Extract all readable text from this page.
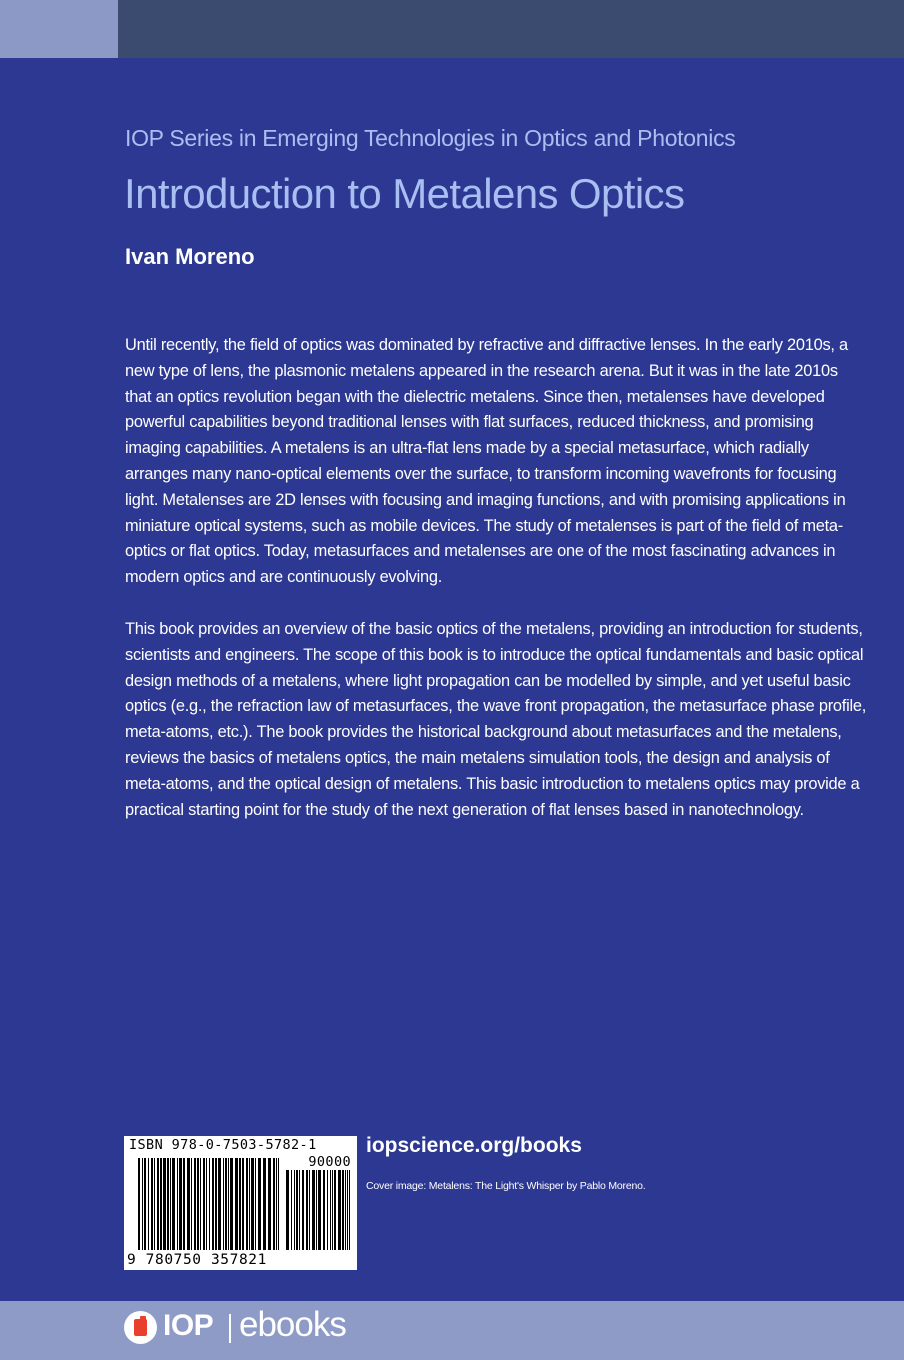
IOP Series in Emerging Technologies in Optics and Photonics
Introduction to Metalens Optics
Ivan Moreno

Until recently, the field of optics was dominated by refractive and diffractive lenses. In the early 2010s, a new type of lens, the plasmonic metalens appeared in the research arena. But it was in the late 2010s that an optics revolution began with the dielectric metalens. Since then, metalenses have developed powerful capabilities beyond traditional lenses with flat surfaces, reduced thickness, and promising imaging capabilities. A metalens is an ultra-flat lens made by a special metasurface, which radially arranges many nano-optical elements over the surface, to transform incoming wavefronts for focusing light. Metalenses are 2D lenses with focusing and imaging functions, and with promising applications in miniature optical systems, such as mobile devices. The study of metalenses is part of the field of meta-optics or flat optics. Today, metasurfaces and metalenses are one of the most fascinating advances in modern optics and are continuously evolving.

This book provides an overview of the basic optics of the metalens, providing an introduction for students, scientists and engineers. The scope of this book is to introduce the optical fundamentals and basic optical design methods of a metalens, where light propagation can be modelled by simple, and yet useful basic optics (e.g., the refraction law of metasurfaces, the wave front propagation, the metasurface phase profile, meta-atoms, etc.). The book provides the historical background about metasurfaces and the metalens, reviews the basics of metalens optics, the main metalens simulation tools, the design and analysis of meta-atoms, and the optical design of metalens. This basic introduction to metalens optics may provide a practical starting point for the study of the next generation of flat lenses based in nanotechnology.

ISBN 978-0-7503-5782-1
90000
9 780750 357821
iopscience.org/books
Cover image: Metalens: The Light's Whisper by Pablo Moreno.
IOP ebooks
